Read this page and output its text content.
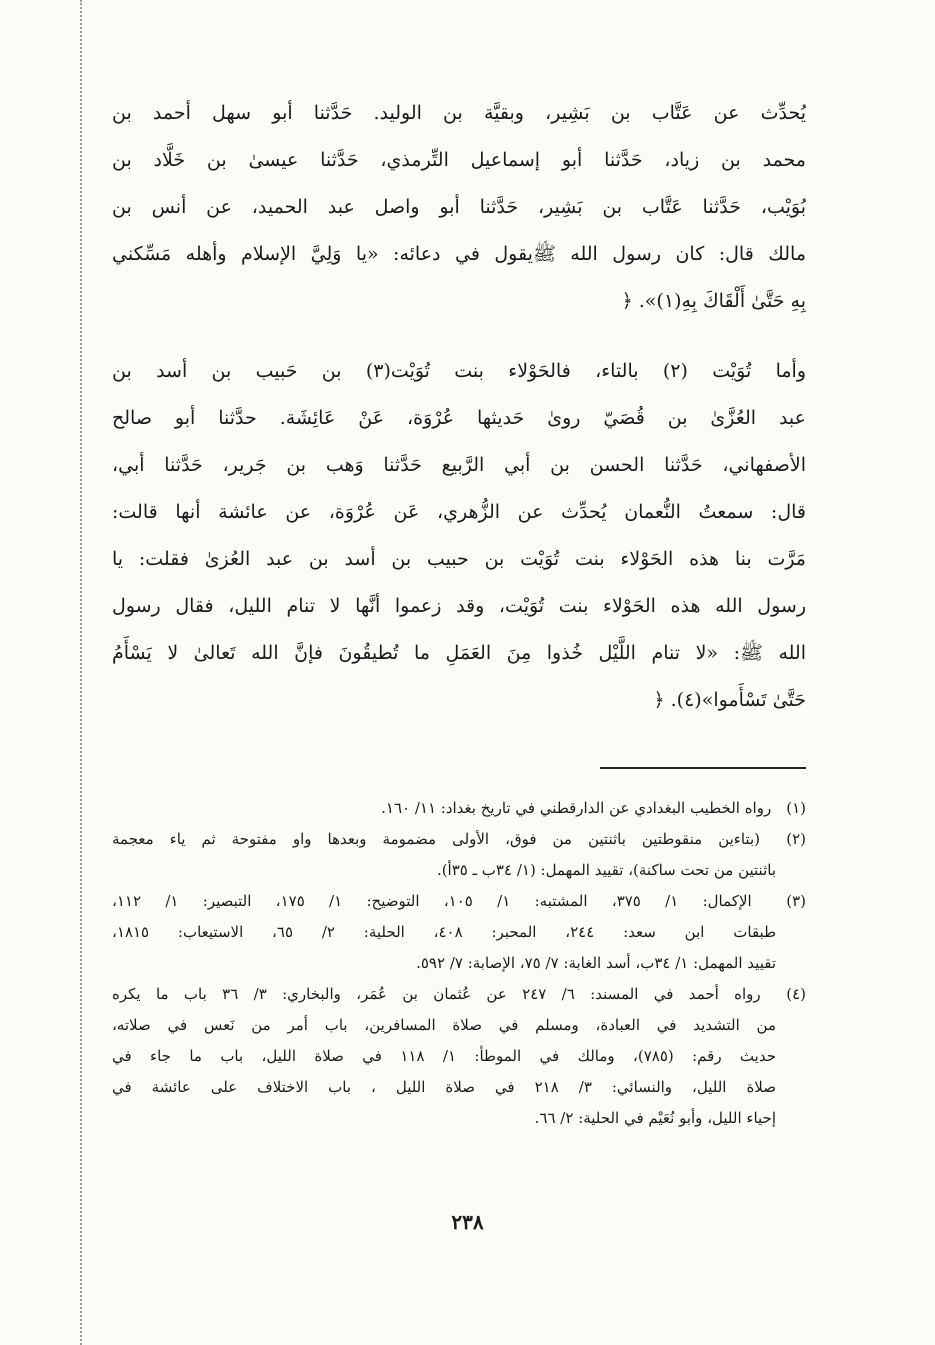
يُحدِّث عن عَتَّاب بن بَشِير، وبقيَّة بن الوليد. حَدَّثنا أبو سهل أحمد بن
محمد بن زياد، حَدَّثنا أبو إسماعيل التِّرمذي، حَدَّثنا عيسىٰ بن خَلَّاد بن
بُوَيْب، حَدَّثنا عَتَّاب بن بَشِير، حَدَّثنا أبو واصل عبد الحميد، عن أنس بن
مالك قال: كان رسول الله ﷺيقول في دعائه: «يا وَلِيَّ الإسلام وأهله مَسِّكني
بِهِ حَتَّىٰ أَلْقَاكَ بِهِ(١)». ﴿
وأما تُوَيْت (٢) بالتاء، فالحَوْلاء بنت تُوَيْت(٣) بن حَبيب بن أسد بن
عبد العُزَّىٰ بن قُصَيّ روىٰ حَديثها عُرْوَة، عَنْ عَائِشَة. حدَّثنا أبو صالح
الأصفهاني، حَدَّثنا الحسن بن أبي الرَّبيع حَدَّثنا وَهب بن جَرير، حَدَّثنا أبي،
قال: سمعتُ النُّعمان يُحدِّث عن الزُّهري، عَن عُرْوَة، عن عائشة أنها قالت:
مَرَّت بنا هذه الحَوْلاء بنت تُوَيْت بن حبيب بن أسد بن عبد العُزىٰ فقلت: يا
رسول الله هذه الحَوْلاء بنت تُوَيْت، وقد زعموا أنَّها لا تنام الليل، فقال رسول
الله ﷺ: «لا تنام اللَّيْل خُذوا مِنَ العَمَلِ ما تُطيقُونَ فإنَّ الله تَعالىٰ لا يَسْأَمُ
حَتَّىٰ تَسْأَموا»(٤). ﴿
(١) رواه الخطيب البغدادي عن الدارقطني في تاريخ بغداد: ١١/ ١٦٠.
(٢) (بتاءين منقوطتين باثنتين من فوق، الأولى مضمومة وبعدها واو مفتوحة ثم ياء معجمة
باثنتين من تحت ساكنة)، تقييد المهمل: (١/ ٣٤ب ـ ٣٥أ).
(٣) الإكمال: ١/ ٣٧٥، المشتبه: ١/ ١٠٥، التوضيح: ١/ ١٧٥، التبصير: ١/ ١١٢،
طبقات ابن سعد: ٢٤٤، المحبر: ٤٠٨، الحلية: ٢/ ٦٥، الاستيعاب: ١٨١٥،
تقييد المهمل: ١/ ٣٤ب، أسد الغابة: ٧/ ٧٥، الإصابة: ٧/ ٥٩٢.
(٤) رواه أحمد في المسند: ٦/ ٢٤٧ عن عُثمان بن عُمَر، والبخاري: ٣/ ٣٦ باب ما يكره
من التشديد في العبادة، ومسلم في صلاة المسافرين، باب أمر من نَعس في صلاته،
حديث رقم: (٧٨٥)، ومالك في الموطأ: ١/ ١١٨ في صلاة الليل، باب ما جاء في
صلاة الليل، والنسائي: ٣/ ٢١٨ في صلاة الليل ، باب الاختلاف على عائشة في
إحياء الليل، وأبو نُعَيْم في الحلية: ٢/ ٦٦.
٢٣٨
